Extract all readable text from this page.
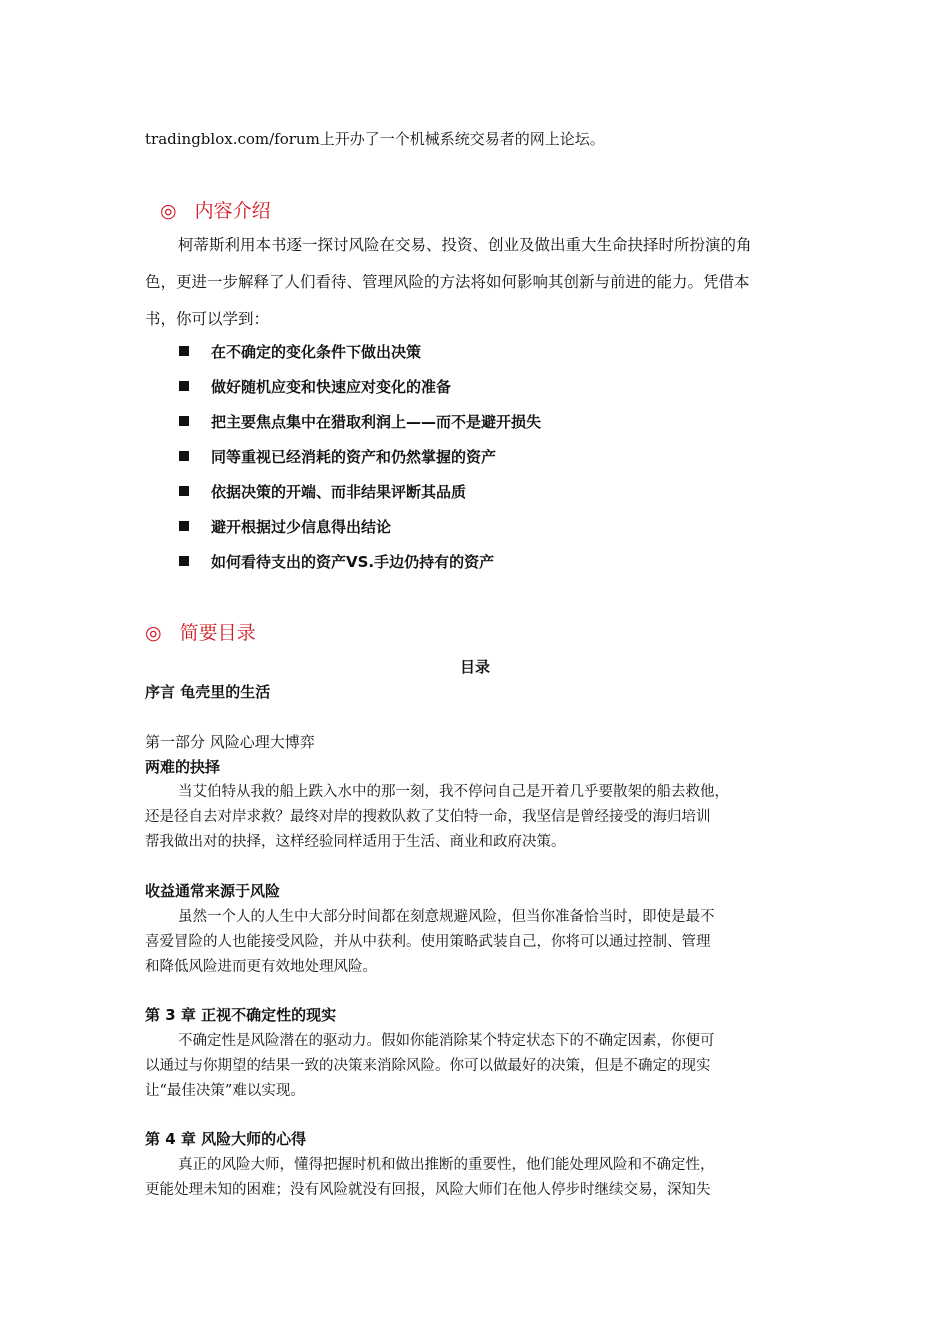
tradingblox.com/forum上开办了一个机械系统交易者的网上论坛。
◎ 内容介绍
柯蒂斯利用本书逐一探讨风险在交易、投资、创业及做出重大生命抉择时所扮演的角
色，更进一步解释了人们看待、管理风险的方法将如何影响其创新与前进的能力。凭借本
书，你可以学到：
在不确定的变化条件下做出决策
做好随机应变和快速应对变化的准备
把主要焦点集中在猎取利润上——而不是避开损失
同等重视已经消耗的资产和仍然掌握的资产
依据决策的开端、而非结果评断其品质
避开根据过少信息得出结论
如何看待支出的资产VS.手边仍持有的资产
◎ 简要目录
目录
序言 龟壳里的生活
第一部分 风险心理大博弈
两难的抉择
当艾伯特从我的船上跌入水中的那一刻，我不停问自己是开着几乎要散架的船去救他，
还是径自去对岸求救？最终对岸的搜救队救了艾伯特一命，我坚信是曾经接受的海归培训
帮我做出对的抉择，这样经验同样适用于生活、商业和政府决策。
收益通常来源于风险
虽然一个人的人生中大部分时间都在刻意规避风险，但当你准备恰当时，即使是最不
喜爱冒险的人也能接受风险，并从中获利。使用策略武装自己，你将可以通过控制、管理
和降低风险进而更有效地处理风险。
第 3 章 正视不确定性的现实
不确定性是风险潜在的驱动力。假如你能消除某个特定状态下的不确定因素，你便可
以通过与你期望的结果一致的决策来消除风险。你可以做最好的决策，但是不确定的现实
让“最佳决策”难以实现。
第 4 章 风险大师的心得
真正的风险大师，懂得把握时机和做出推断的重要性，他们能处理风险和不确定性，
更能处理未知的困难；没有风险就没有回报，风险大师们在他人停步时继续交易，深知失
